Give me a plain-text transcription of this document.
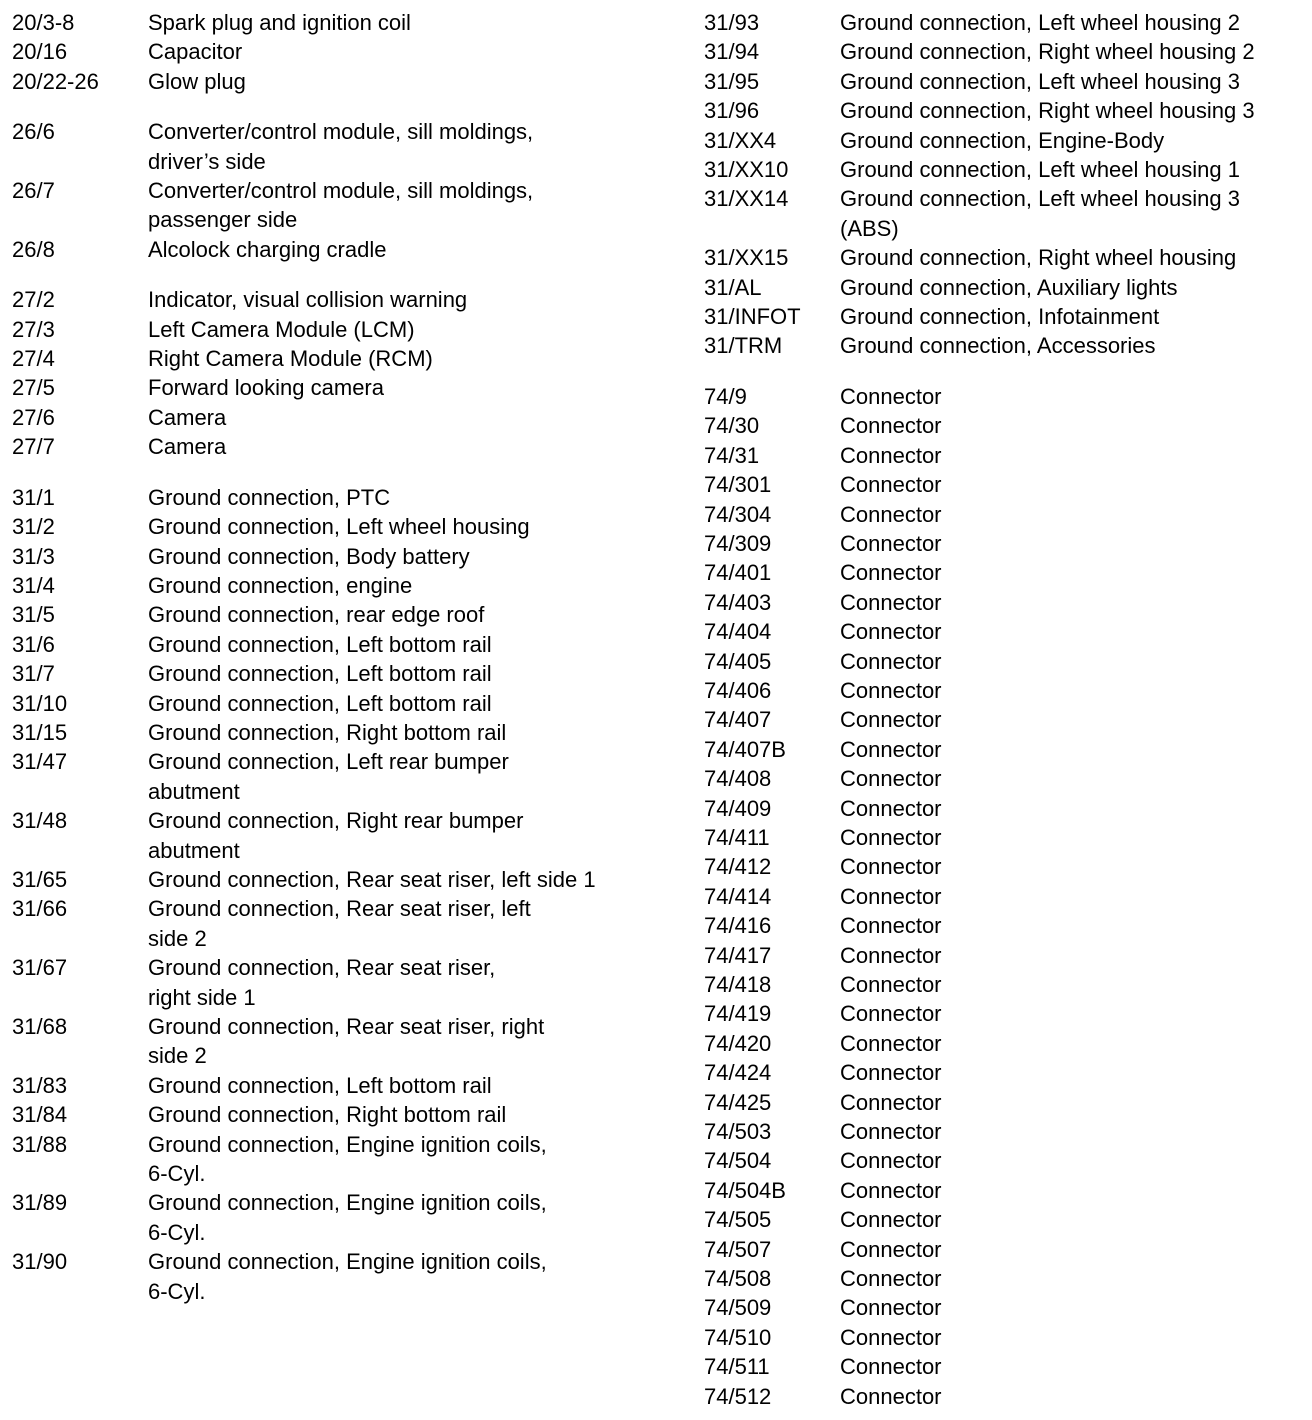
20/3-8	Spark plug and ignition coil
20/16	Capacitor
20/22-26	Glow plug
26/6	Converter/control module, sill moldings,
driver’s side
26/7	Converter/control module, sill moldings,
passenger side
26/8	Alcolock charging cradle
27/2	Indicator, visual collision warning
27/3	Left Camera Module (LCM)
27/4	Right Camera Module (RCM)
27/5	Forward looking camera
27/6	Camera
27/7	Camera
31/1	Ground connection, PTC
31/2	Ground connection, Left wheel housing
31/3	Ground connection, Body battery
31/4	Ground connection, engine
31/5	Ground connection, rear edge roof
31/6	Ground connection, Left bottom rail
31/7	Ground connection, Left bottom rail
31/10	Ground connection, Left bottom rail
31/15	Ground connection, Right bottom rail
31/47	Ground connection, Left rear bumper
abutment
31/48	Ground connection, Right rear bumper
abutment
31/65	Ground connection, Rear seat riser, left side 1
31/66	Ground connection, Rear seat riser, left
side 2
31/67	Ground connection, Rear seat riser,
right side 1
31/68	Ground connection, Rear seat riser, right
side 2
31/83	Ground connection, Left bottom rail
31/84	Ground connection, Right bottom rail
31/88	Ground connection, Engine ignition coils,
6-Cyl.
31/89	Ground connection, Engine ignition coils,
6-Cyl.
31/90	Ground connection, Engine ignition coils,
6-Cyl.
31/93	Ground connection, Left wheel housing 2
31/94	Ground connection, Right wheel housing 2
31/95	Ground connection, Left wheel housing 3
31/96	Ground connection, Right wheel housing 3
31/XX4	Ground connection, Engine-Body
31/XX10	Ground connection, Left wheel housing 1
31/XX14	Ground connection, Left wheel housing 3
(ABS)
31/XX15	Ground connection, Right wheel housing
31/AL	Ground connection, Auxiliary lights
31/INFOT	Ground connection, Infotainment
31/TRM	Ground connection, Accessories
74/9	Connector
74/30	Connector
74/31	Connector
74/301	Connector
74/304	Connector
74/309	Connector
74/401	Connector
74/403	Connector
74/404	Connector
74/405	Connector
74/406	Connector
74/407	Connector
74/407B	Connector
74/408	Connector
74/409	Connector
74/411	Connector
74/412	Connector
74/414	Connector
74/416	Connector
74/417	Connector
74/418	Connector
74/419	Connector
74/420	Connector
74/424	Connector
74/425	Connector
74/503	Connector
74/504	Connector
74/504B	Connector
74/505	Connector
74/507	Connector
74/508	Connector
74/509	Connector
74/510	Connector
74/511	Connector
74/512	Connector
